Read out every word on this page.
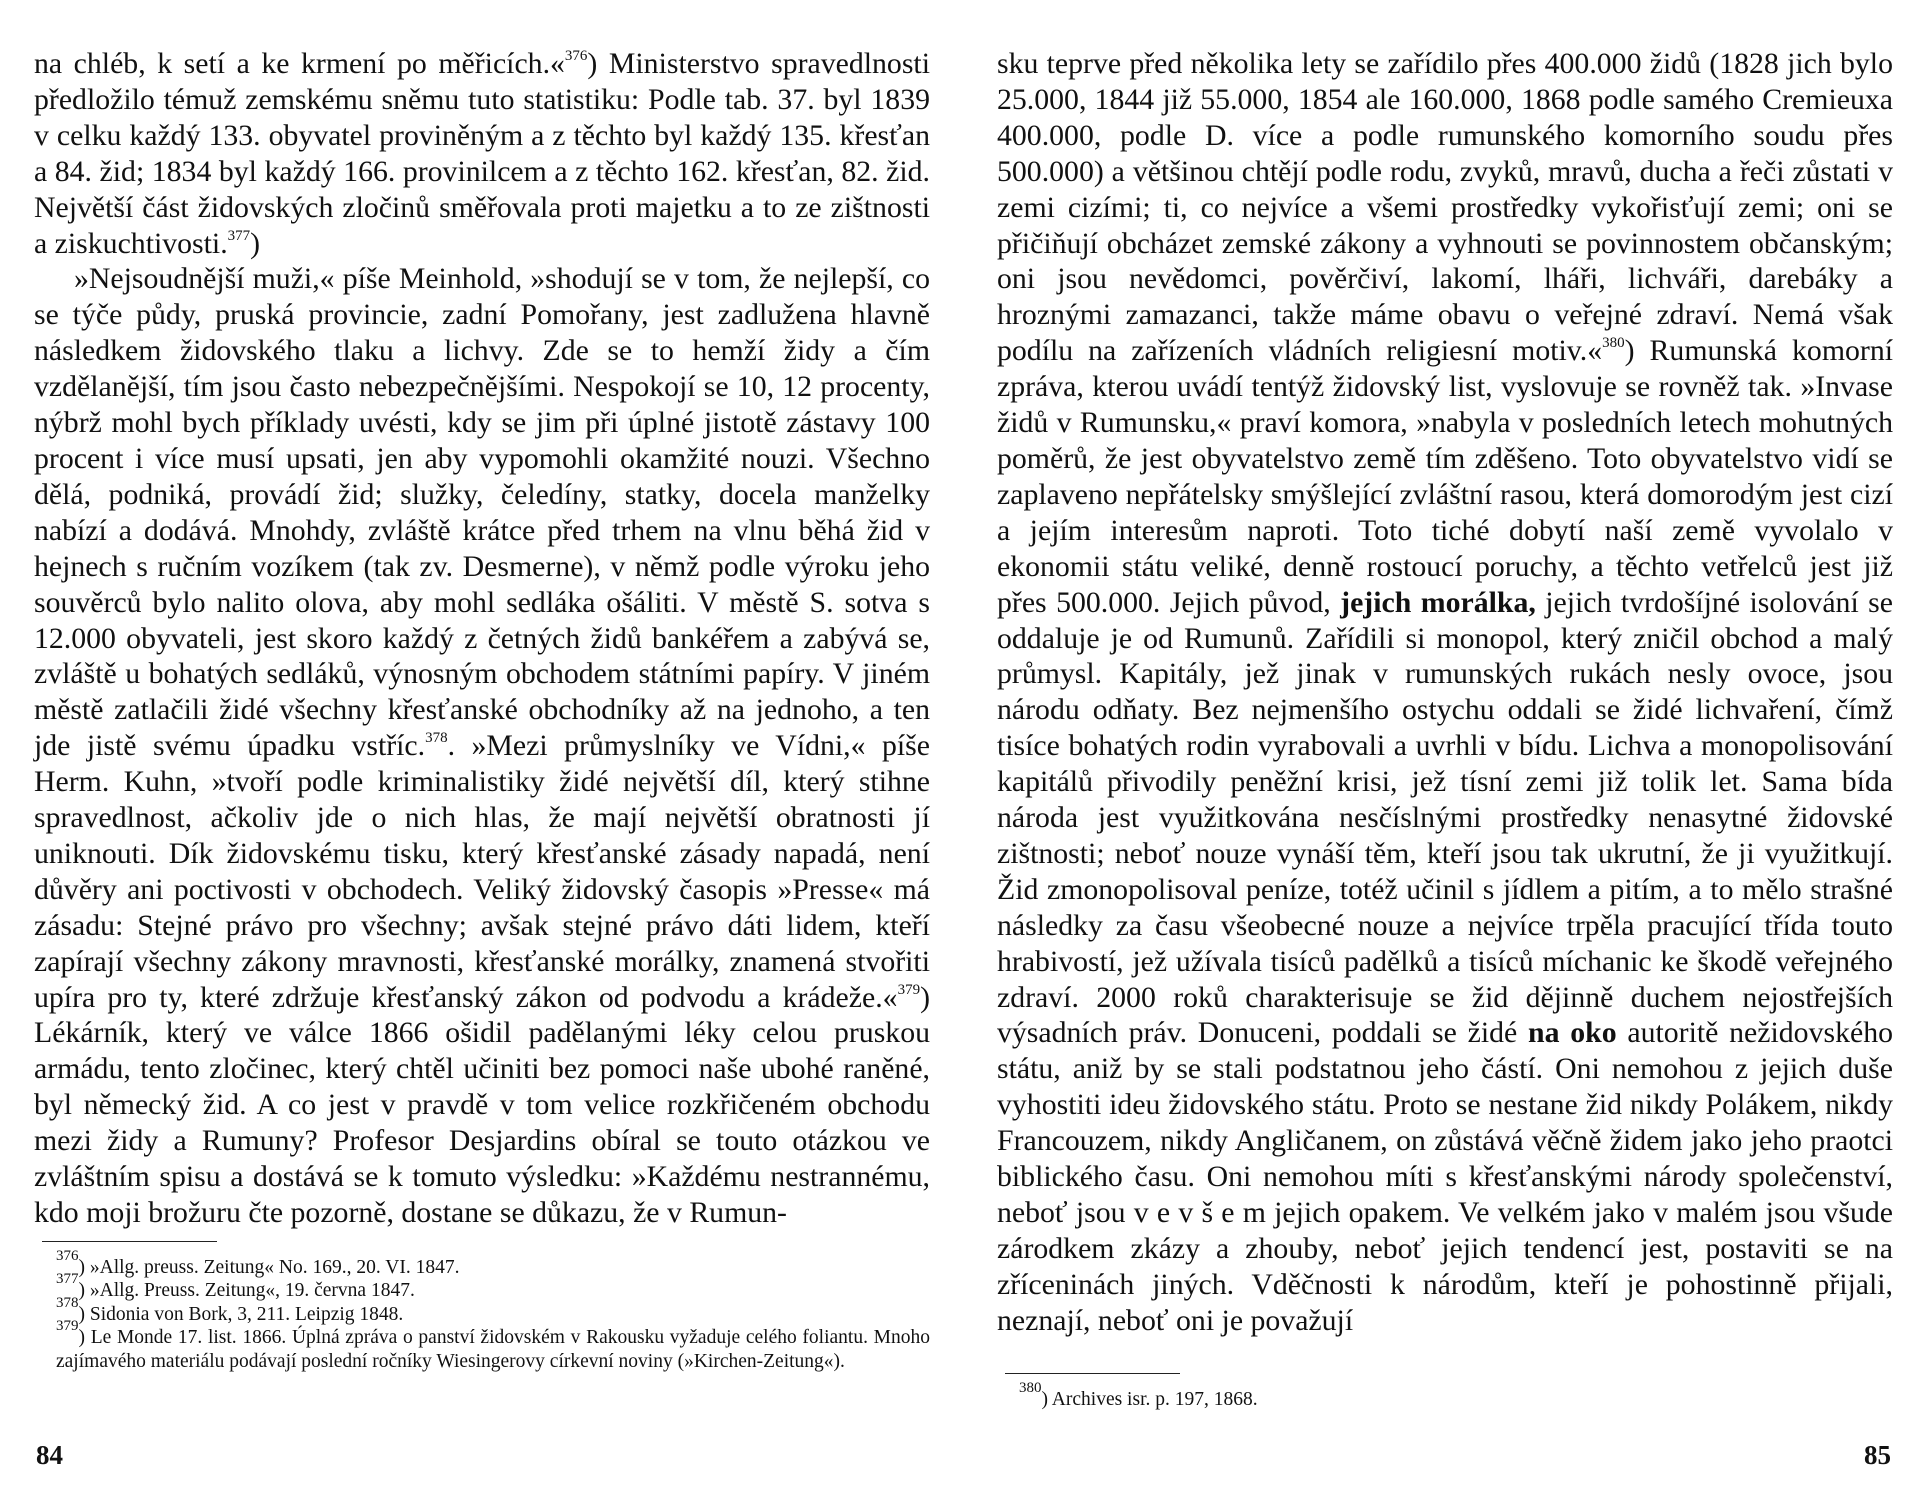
na chléb, k setí a ke krmení po měřicích.«$^{376}$) Ministerstvo spravedlnosti předložilo témuž zemskému sněmu tuto statistiku: Podle tab. 37. byl 1839 v celku každý 133. obyvatel proviněným a z těchto byl každý 135. křesťan a 84. žid; 1834 byl každý 166. provinilcem a z těchto 162. křesťan, 82. žid. Největší část židovských zločinů směřovala proti majetku a to ze zištnosti a ziskuchtivosti.$^{377}$)

»Nejsoudnější muži,« píše Meinhold, »shodují se v tom, že nejlepší, co se týče půdy, pruská provincie, zadní Pomořany, jest zadlužena hlavně následkem židovského tlaku a lichvy. Zde se to hemží židy a čím vzdělanější, tím jsou často nebezpečnějšími. Nespokojí se 10, 12 procenty, nýbrž mohl bych příklady uvésti, kdy se jim při úplné jistotě zástavy 100 procent i více musí upsati, jen aby vypomohli okamžité nouzi. Všechno dělá, podniká, provádí žid; služky, čeledíny, statky, docela manželky nabízí a dodává. Mnohdy, zvláště krátce před trhem na vlnu běhá žid v hejnech s ručním vozíkem (tak zv. Desmerne), v němž podle výroku jeho souvěrců bylo nalito olova, aby mohl sedláka ošáliti. V městě S. sotva s 12.000 obyvateli, jest skoro každý z četných židů bankéřem a zabývá se, zvláště u bohatých sedláků, výnosným obchodem státními papíry. V jiném městě zatlačili židé všechny křesťanské obchodníky až na jednoho, a ten jde jistě svému úpadku vstříc.$^{378}$. »Mezi průmyslníky ve Vídni,« píše Herm. Kuhn, »tvoří podle kriminalistiky židé největší díl, který stihne spravedlnost, ačkoliv jde o nich hlas, že mají největší obratnosti jí uniknouti. Dík židovskému tisku, který křesťanské zásady napadá, není důvěry ani poctivosti v obchodech. Veliký židovský časopis »Presse« má zásadu: Stejné právo pro všechny; avšak stejné právo dáti lidem, kteří zapírají všechny zákony mravnosti, křesťanské morálky, znamená stvořiti upíra pro ty, které zdržuje křesťanský zákon od podvodu a krádeže.«$^{379}$) Lékárník, který ve válce 1866 ošidil padělanými léky celou pruskou armádu, tento zločinec, který chtěl učiniti bez pomoci naše ubohé raněné, byl německý žid. A co jest v pravdě v tom velice rozkřičeném obchodu mezi židy a Rumuny? Profesor Desjardins obíral se touto otázkou ve zvláštním spisu a dostává se k tomuto výsledku: »Každému nestrannému, kdo moji brožuru čte pozorně, dostane se důkazu, že v Rumun-

$^{376}$) »Allg. preuss. Zeitung« No. 169., 20. VI. 1847.
$^{377}$) »Allg. Preuss. Zeitung«, 19. června 1847.
$^{378}$) Sidonia von Bork, 3, 211. Leipzig 1848.
$^{379}$) Le Monde 17. list. 1866. Úplná zpráva o panství židovském v Rakousku vyžaduje celého foliantu. Mnoho zajímavého materiálu podávají poslední ročníky Wiesingerovy církevní noviny (»Kirchen-Zeitung«).
84

sku teprve před několika lety se zařídilo přes 400.000 židů (1828 jich bylo 25.000, 1844 již 55.000, 1854 ale 160.000, 1868 podle samého Cremieuxa 400.000, podle D. více a podle rumunského komorního soudu přes 500.000) a většinou chtějí podle rodu, zvyků, mravů, ducha a řeči zůstati v zemi cizími; ti, co nejvíce a všemi prostředky vykořisťují zemi; oni se přičiňují obcházet zemské zákony a vyhnouti se povinnostem občanským; oni jsou nevědomci, pověrčiví, lakomí, lháři, lichváři, darebáky a hroznými zamazanci, takže máme obavu o veřejné zdraví. Nemá však podílu na zařízeních vládních religiesní motiv.«$^{380}$) Rumunská komorní zpráva, kterou uvádí tentýž židovský list, vyslovuje se rovněž tak. »Invase židů v Rumunsku,« praví komora, »nabyla v posledních letech mohutných poměrů, že jest obyvatelstvo země tím zděšeno. Toto obyvatelstvo vidí se zaplaveno nepřátelsky smýšlející zvláštní rasou, která domorodým jest cizí a jejím interesům naproti. Toto tiché dobytí naší země vyvolalo v ekonomii státu veliké, denně rostoucí poruchy, a těchto vetřelců jest již přes 500.000. Jejich původ, jejich morálka, jejich tvrdošíjné isolování se oddaluje je od Rumunů. Zařídili si monopol, který zničil obchod a malý průmysl. Kapitály, jež jinak v rumunských rukách nesly ovoce, jsou národu odňaty. Bez nejmenšího ostychu oddali se židé lichvaření, čímž tisíce bohatých rodin vyrabovali a uvrhli v bídu. Lichva a monopolisování kapitálů přivodily peněžní krisi, jež tísní zemi již tolik let. Sama bída národa jest využitkována nesčíslnými prostředky nenasytné židovské zištnosti; neboť nouze vynáší těm, kteří jsou tak ukrutní, že ji využitkují. Žid zmonopolisoval peníze, totéž učinil s jídlem a pitím, a to mělo strašné následky za času všeobecné nouze a nejvíce trpěla pracující třída touto hrabivostí, jež užívala tisíců padělků a tisíců míchanic ke škodě veřejného zdraví. 2000 roků charakterisuje se žid dějinně duchem nejostřejších výsadních práv. Donuceni, poddali se židé na oko autoritě nežidovského státu, aniž by se stali podstatnou jeho částí. Oni nemohou z jejich duše vyhostiti ideu židovského státu. Proto se nestane žid nikdy Polákem, nikdy Francouzem, nikdy Angličanem, on zůstává věčně židem jako jeho praotci biblického času. Oni nemohou míti s křesťanskými národy společenství, neboť jsou v e v š e m jejich opakem. Ve velkém jako v malém jsou všude zárodkem zkázy a zhouby, neboť jejich tendencí jest, postaviti se na zříceninách jiných. Vděčnosti k národům, kteří je pohostinně přijali, neznají, neboť oni je považují

$^{380}$) Archives isr. p. 197, 1868.
85
